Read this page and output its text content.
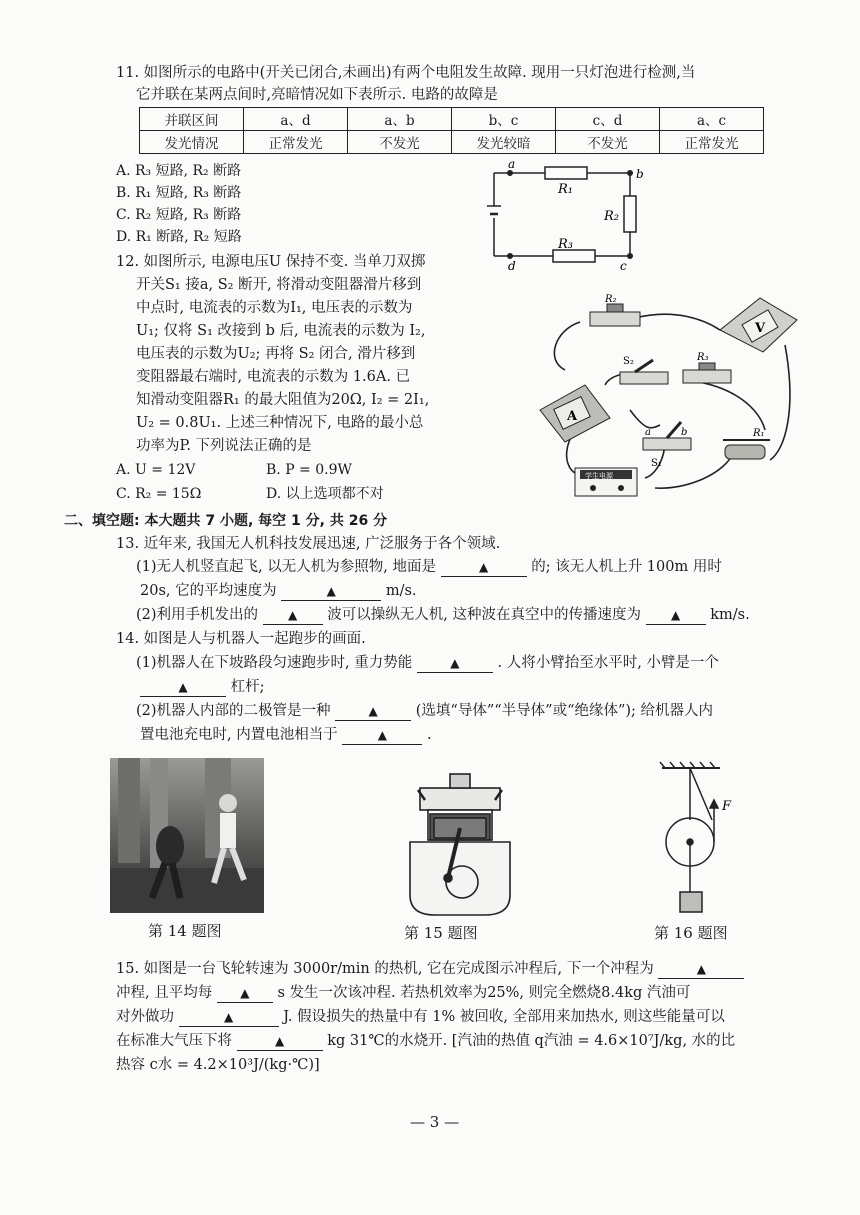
11. 如图所示的电路中(开关已闭合,未画出)有两个电阻发生故障. 现用一只灯泡进行检测,当
它并联在某两点间时,亮暗情况如下表所示. 电路的故障是
并联区间	a、d	a、b	b、c	c、d	a、c
发光情况	正常发光	不发光	发光较暗	不发光	正常发光
A. R₃ 短路, R₂ 断路
B. R₁ 短路, R₃ 断路
C. R₂ 短路, R₃ 断路
D. R₁ 断路, R₂ 短路
a
b
c
d
R₁
R₂
R₃
12. 如图所示, 电源电压U 保持不变. 当单刀双掷
开关S₁ 接a, S₂ 断开, 将滑动变阻器滑片移到
中点时, 电流表的示数为I₁, 电压表的示数为
U₁; 仅将 S₁ 改接到 b 后, 电流表的示数为 I₂,
电压表的示数为U₂; 再将 S₂ 闭合, 滑片移到
变阻器最右端时, 电流表的示数为 1.6A. 已
知滑动变阻器R₁ 的最大阻值为20Ω, I₂ = 2I₁,
U₂ = 0.8U₁. 上述三种情况下, 电路的最小总
功率为P. 下列说法正确的是
A. U = 12V	B. P = 0.9W
C. R₂ = 15Ω	D. 以上选项都不对
R₂
V
S₂	R₃
A
a	b
S₁
R₁
学生电源
二、填空题: 本大题共 7 小题, 每空 1 分, 共 26 分
13. 近年来, 我国无人机科技发展迅速, 广泛服务于各个领域.
(1)无人机竖直起飞, 以无人机为参照物, 地面是	▲	的; 该无人机上升 100m 用时
20s, 它的平均速度为	▲	m/s.
(2)利用手机发出的 ▲ 波可以操纵无人机, 这种波在真空中的传播速度为 ▲ km/s.
14. 如图是人与机器人一起跑步的画面.
(1)机器人在下坡路段匀速跑步时, 重力势能	▲	. 人将小臂抬至水平时, 小臂是一个
▲	杠杆;
(2)机器人内部的二极管是一种	▲	(选填“导体”“半导体”或“绝缘体”); 给机器人内
置电池充电时, 内置电池相当于	▲	.
F
第 14 题图	第 15 题图	第 16 题图
15. 如图是一台飞轮转速为 3000r/min 的热机, 它在完成图示冲程后, 下一个冲程为	▲
冲程, 且平均每 ▲ s 发生一次该冲程. 若热机效率为25%, 则完全燃烧8.4kg 汽油可
对外做功	▲	J. 假设损失的热量中有 1% 被回收, 全部用来加热水, 则这些能量可以
在标准大气压下将	▲	kg 31℃的水烧开. [汽油的热值 q汽油 = 4.6×10⁷J/kg, 水的比
热容 c水 = 4.2×10³J/(kg·℃)]
— 3 —
